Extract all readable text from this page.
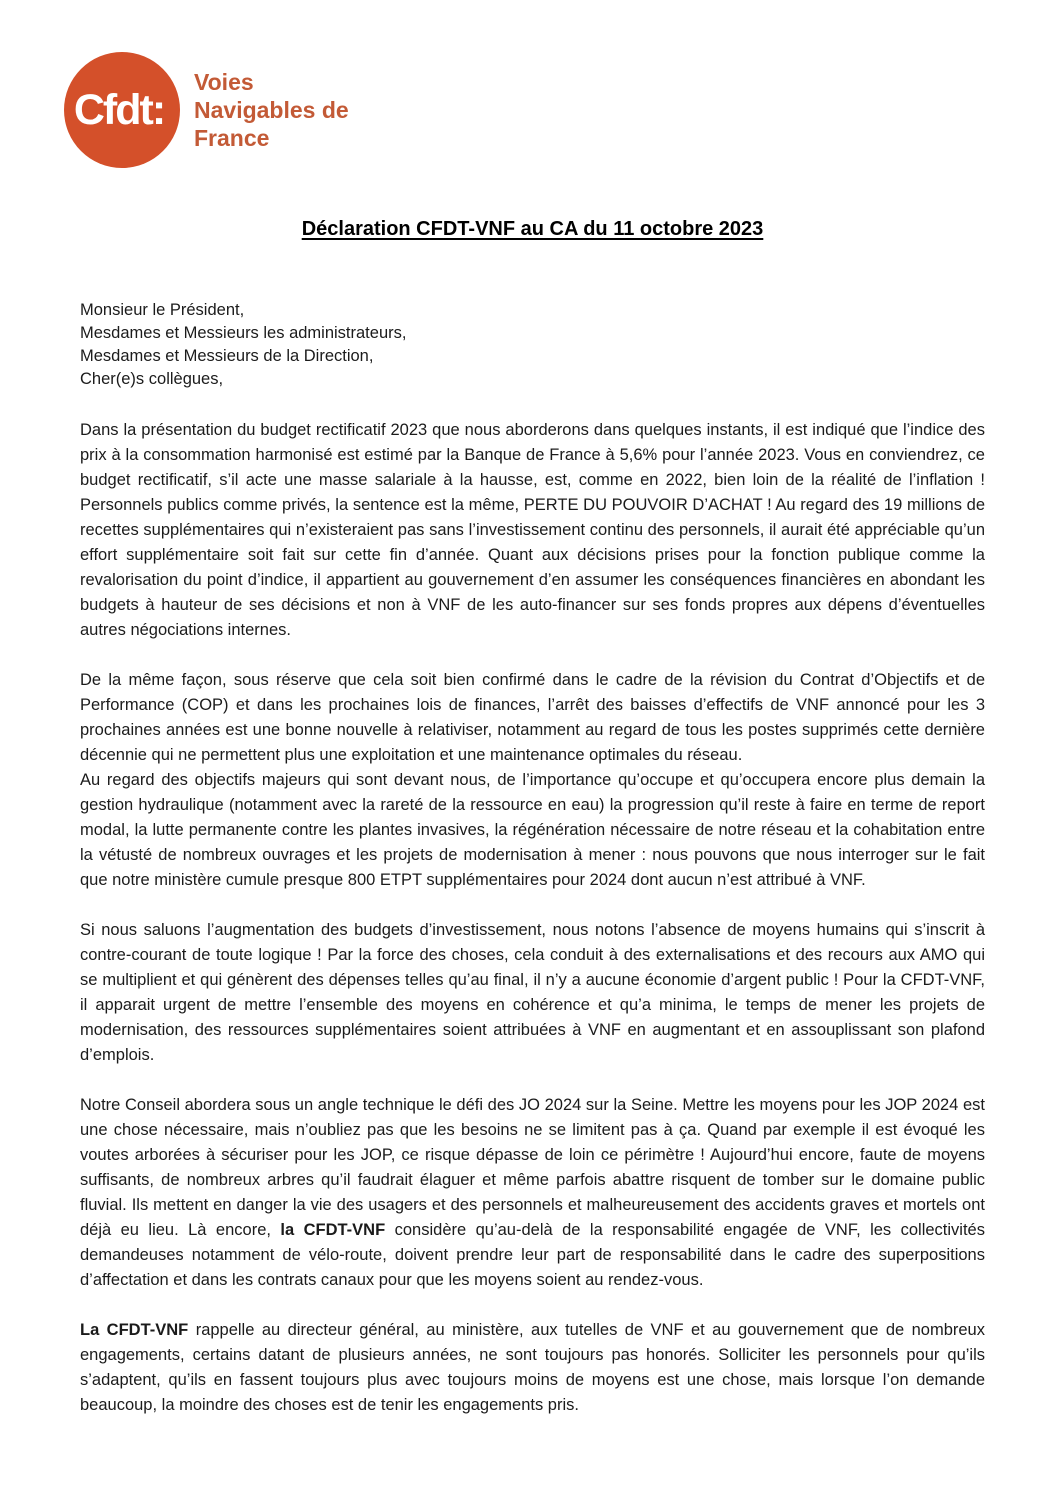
Cfdt:
Voies
Navigables de
France
Déclaration CFDT-VNF au CA du 11 octobre 2023
Monsieur le Président,
Mesdames et Messieurs les administrateurs,
Mesdames et Messieurs de la Direction,
Cher(e)s collègues,

Dans la présentation du budget rectificatif 2023 que nous aborderons dans quelques instants, il est indiqué que l’indice des prix à la consommation harmonisé est estimé par la Banque de France à 5,6% pour l’année 2023. Vous en conviendrez, ce budget rectificatif, s’il acte une masse salariale à la hausse, est, comme en 2022, bien loin de la réalité de l’inflation ! Personnels publics comme privés, la sentence est la même, PERTE DU POUVOIR D’ACHAT ! Au regard des 19 millions de recettes supplémentaires qui n’existeraient pas sans l’investissement continu des personnels, il aurait été appréciable qu’un effort supplémentaire soit fait sur cette fin d’année. Quant aux décisions prises pour la fonction publique comme la revalorisation du point d’indice, il appartient au gouvernement d’en assumer les conséquences financières en abondant les budgets à hauteur de ses décisions et non à VNF de les auto-financer sur ses fonds propres aux dépens d’éventuelles autres négociations internes.

De la même façon, sous réserve que cela soit bien confirmé dans le cadre de la révision du Contrat d’Objectifs et de Performance (COP) et dans les prochaines lois de finances, l’arrêt des baisses d’effectifs de VNF annoncé pour les 3 prochaines années est une bonne nouvelle à relativiser, notamment au regard de tous les postes supprimés cette dernière décennie qui ne permettent plus une exploitation et une maintenance optimales du réseau.

Au regard des objectifs majeurs qui sont devant nous, de l’importance qu’occupe et qu’occupera encore plus demain la gestion hydraulique (notamment avec la rareté de la ressource en eau) la progression qu’il reste à faire en terme de report modal, la lutte permanente contre les plantes invasives, la régénération nécessaire de notre réseau et la cohabitation entre la vétusté de nombreux ouvrages et les projets de modernisation à mener : nous pouvons que nous interroger sur le fait que notre ministère cumule presque 800 ETPT supplémentaires pour 2024 dont aucun n’est attribué à VNF.

Si nous saluons l’augmentation des budgets d’investissement, nous notons l’absence de moyens humains qui s’inscrit à contre-courant de toute logique ! Par la force des choses, cela conduit à des externalisations et des recours aux AMO qui se multiplient et qui génèrent des dépenses telles qu’au final, il n’y a aucune économie d’argent public ! Pour la CFDT-VNF, il apparait urgent de mettre l’ensemble des moyens en cohérence et qu’a minima, le temps de mener les projets de modernisation, des ressources supplémentaires soient attribuées à VNF en augmentant et en assouplissant son plafond d’emplois.

Notre Conseil abordera sous un angle technique le défi des JO 2024 sur la Seine. Mettre les moyens pour les JOP 2024 est une chose nécessaire, mais n’oubliez pas que les besoins ne se limitent pas à ça. Quand par exemple il est évoqué les voutes arborées à sécuriser pour les JOP, ce risque dépasse de loin ce périmètre ! Aujourd’hui encore, faute de moyens suffisants, de nombreux arbres qu’il faudrait élaguer et même parfois abattre risquent de tomber sur le domaine public fluvial. Ils mettent en danger la vie des usagers et des personnels et malheureusement des accidents graves et mortels ont déjà eu lieu. Là encore, la CFDT-VNF considère qu’au-delà de la responsabilité engagée de VNF, les collectivités demandeuses notamment de vélo-route, doivent prendre leur part de responsabilité dans le cadre des superpositions d’affectation et dans les contrats canaux pour que les moyens soient au rendez-vous.

La CFDT-VNF rappelle au directeur général, au ministère, aux tutelles de VNF et au gouvernement que de nombreux engagements, certains datant de plusieurs années, ne sont toujours pas honorés. Solliciter les personnels pour qu’ils s’adaptent, qu’ils en fassent toujours plus avec toujours moins de moyens est une chose, mais lorsque l’on demande beaucoup, la moindre des choses est de tenir les engagements pris.
